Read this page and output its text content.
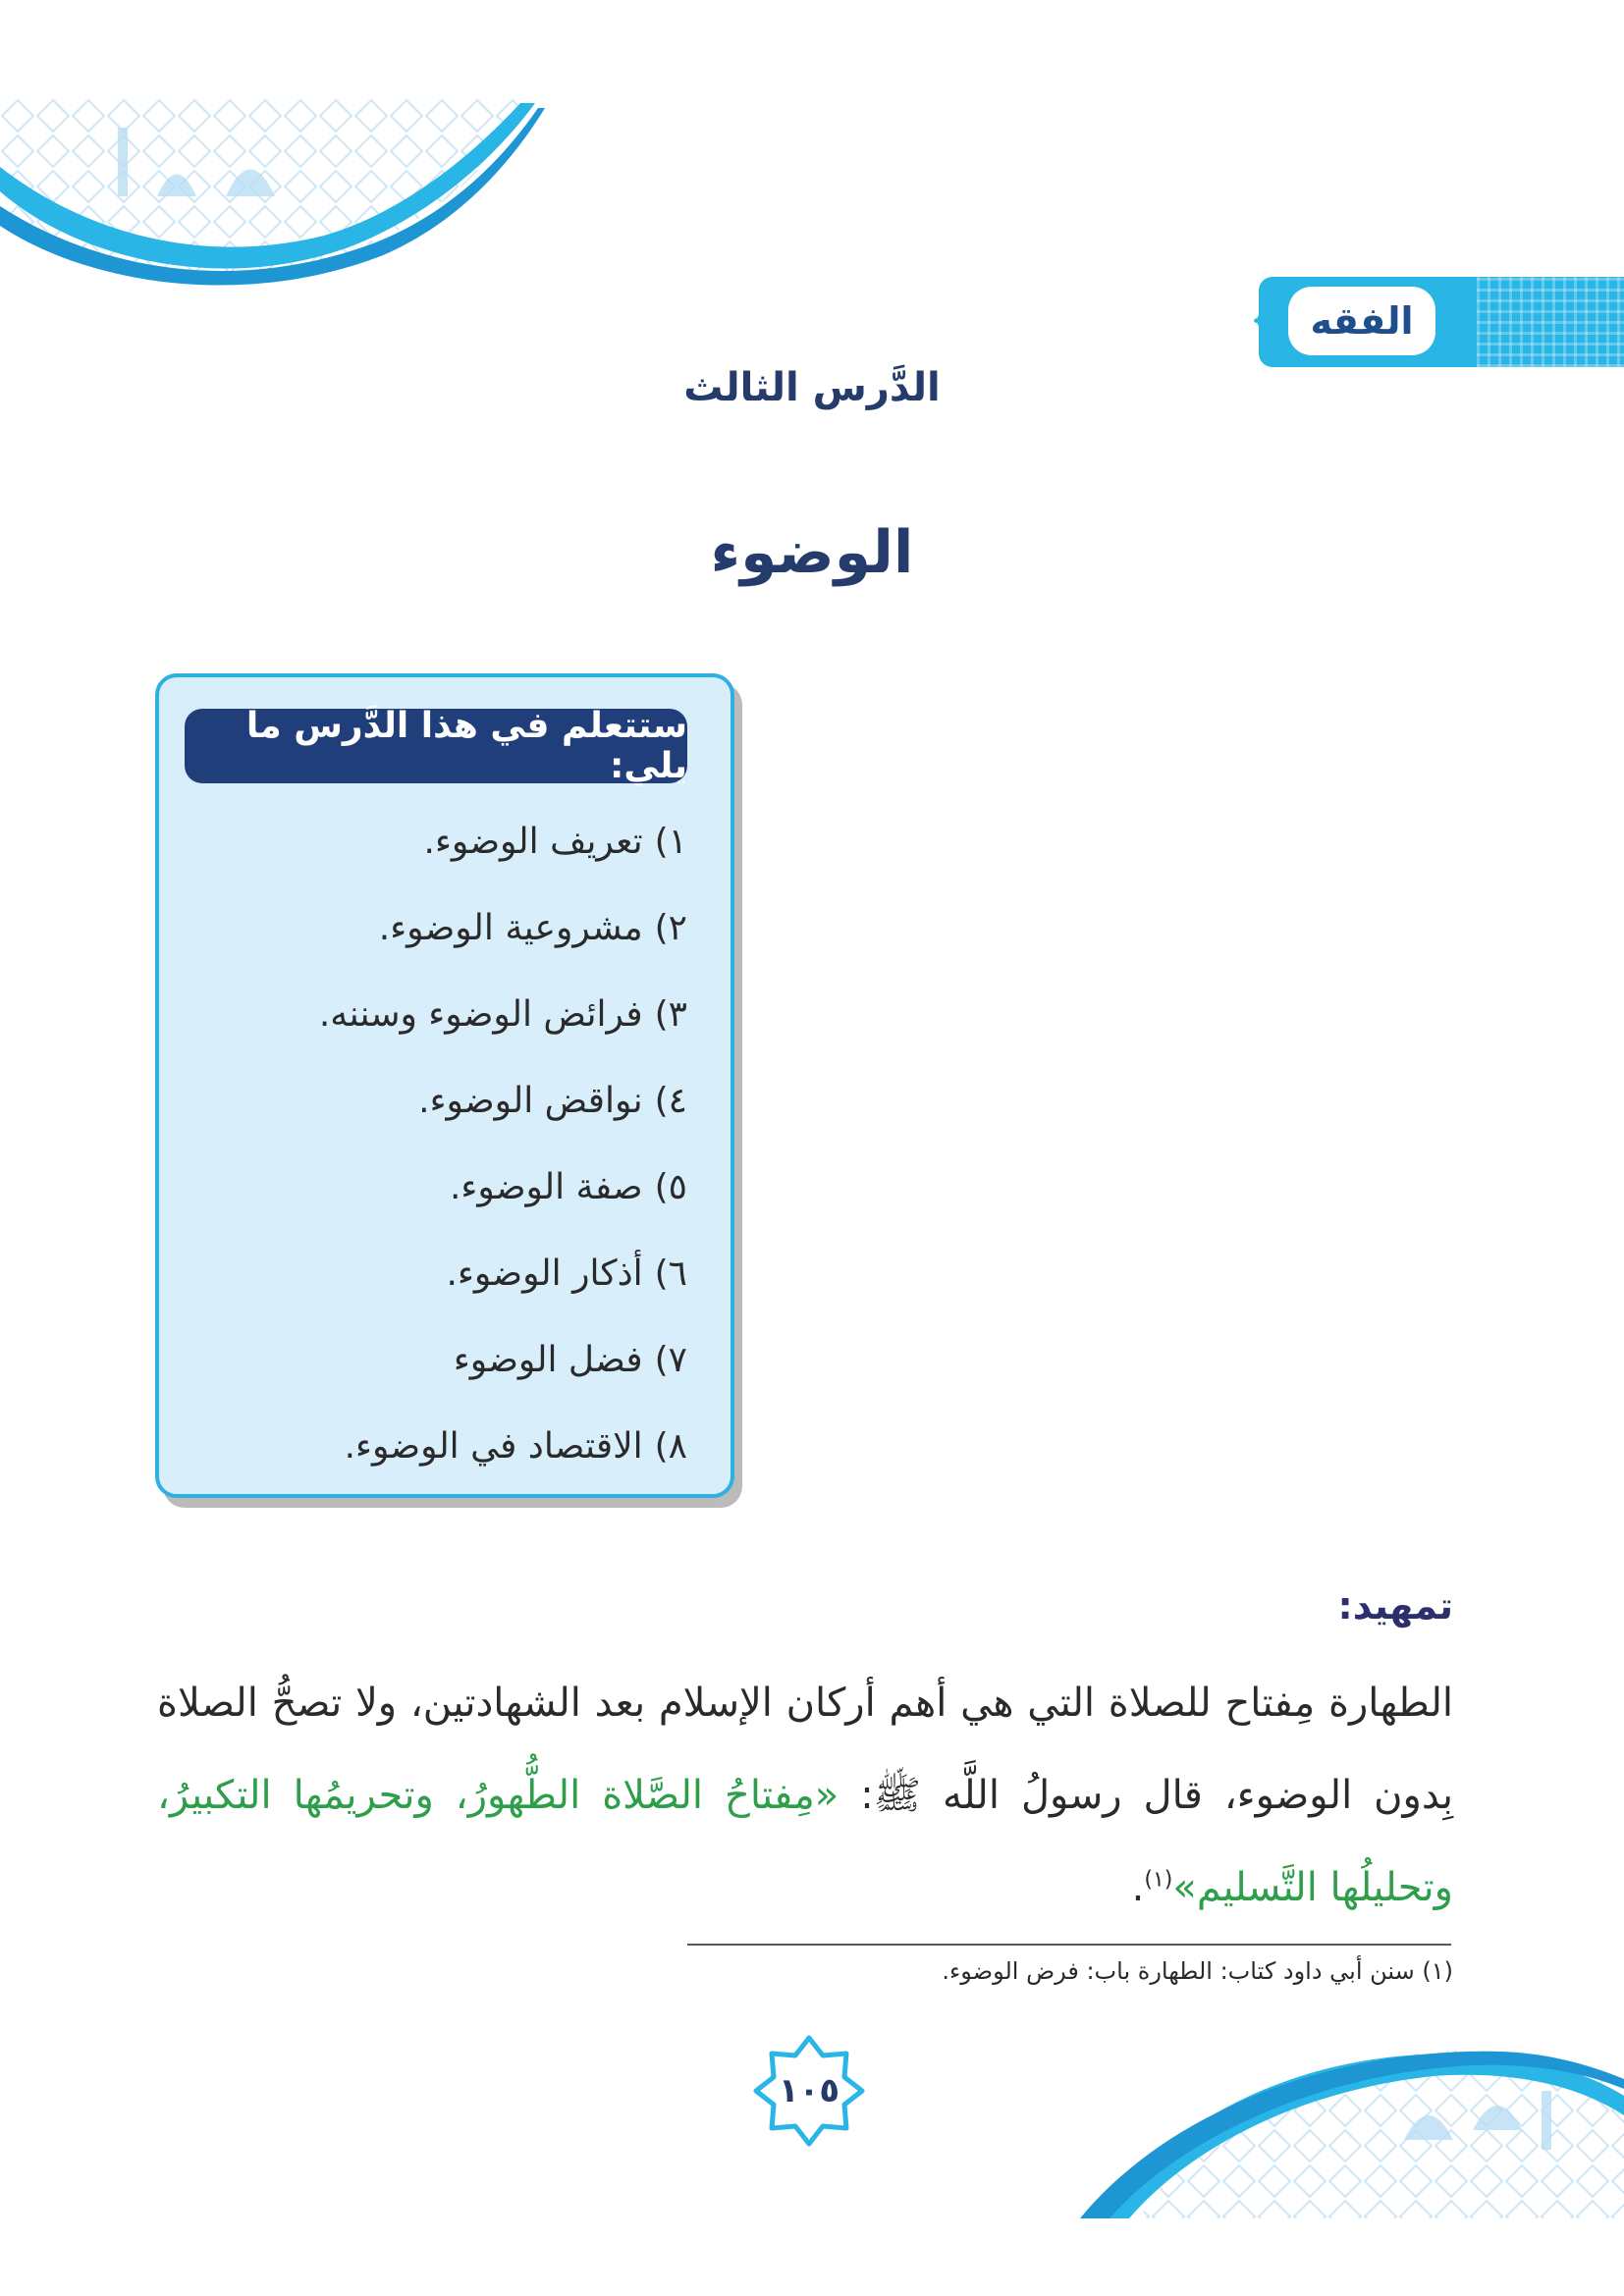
الفقه
✥
الدَّرس الثالث
الوضوء
ستتعلم في هذا الدَّرس ما يلي:
١)تعريف الوضوء.
٢)مشروعية الوضوء.
٣)فرائض الوضوء وسننه.
٤)نواقض الوضوء.
٥)صفة الوضوء.
٦)أذكار الوضوء.
٧)فضل الوضوء
٨)الاقتصاد في الوضوء.
تمهيد:
الطهارة مِفتاح للصلاة التي هي أهم أركان الإسلام بعد الشهادتين، ولا تصحُّ الصلاة بِدون الوضوء، قال رسولُ اللَّه ﷺ: «مِفتاحُ الصَّلاة الطُّهورُ، وتحريمُها التكبيرُ، وتحليلُها التَّسليم»$^{(١)}$.
(١) سنن أبي داود كتاب: الطهارة باب: فرض الوضوء.
١٠٥
